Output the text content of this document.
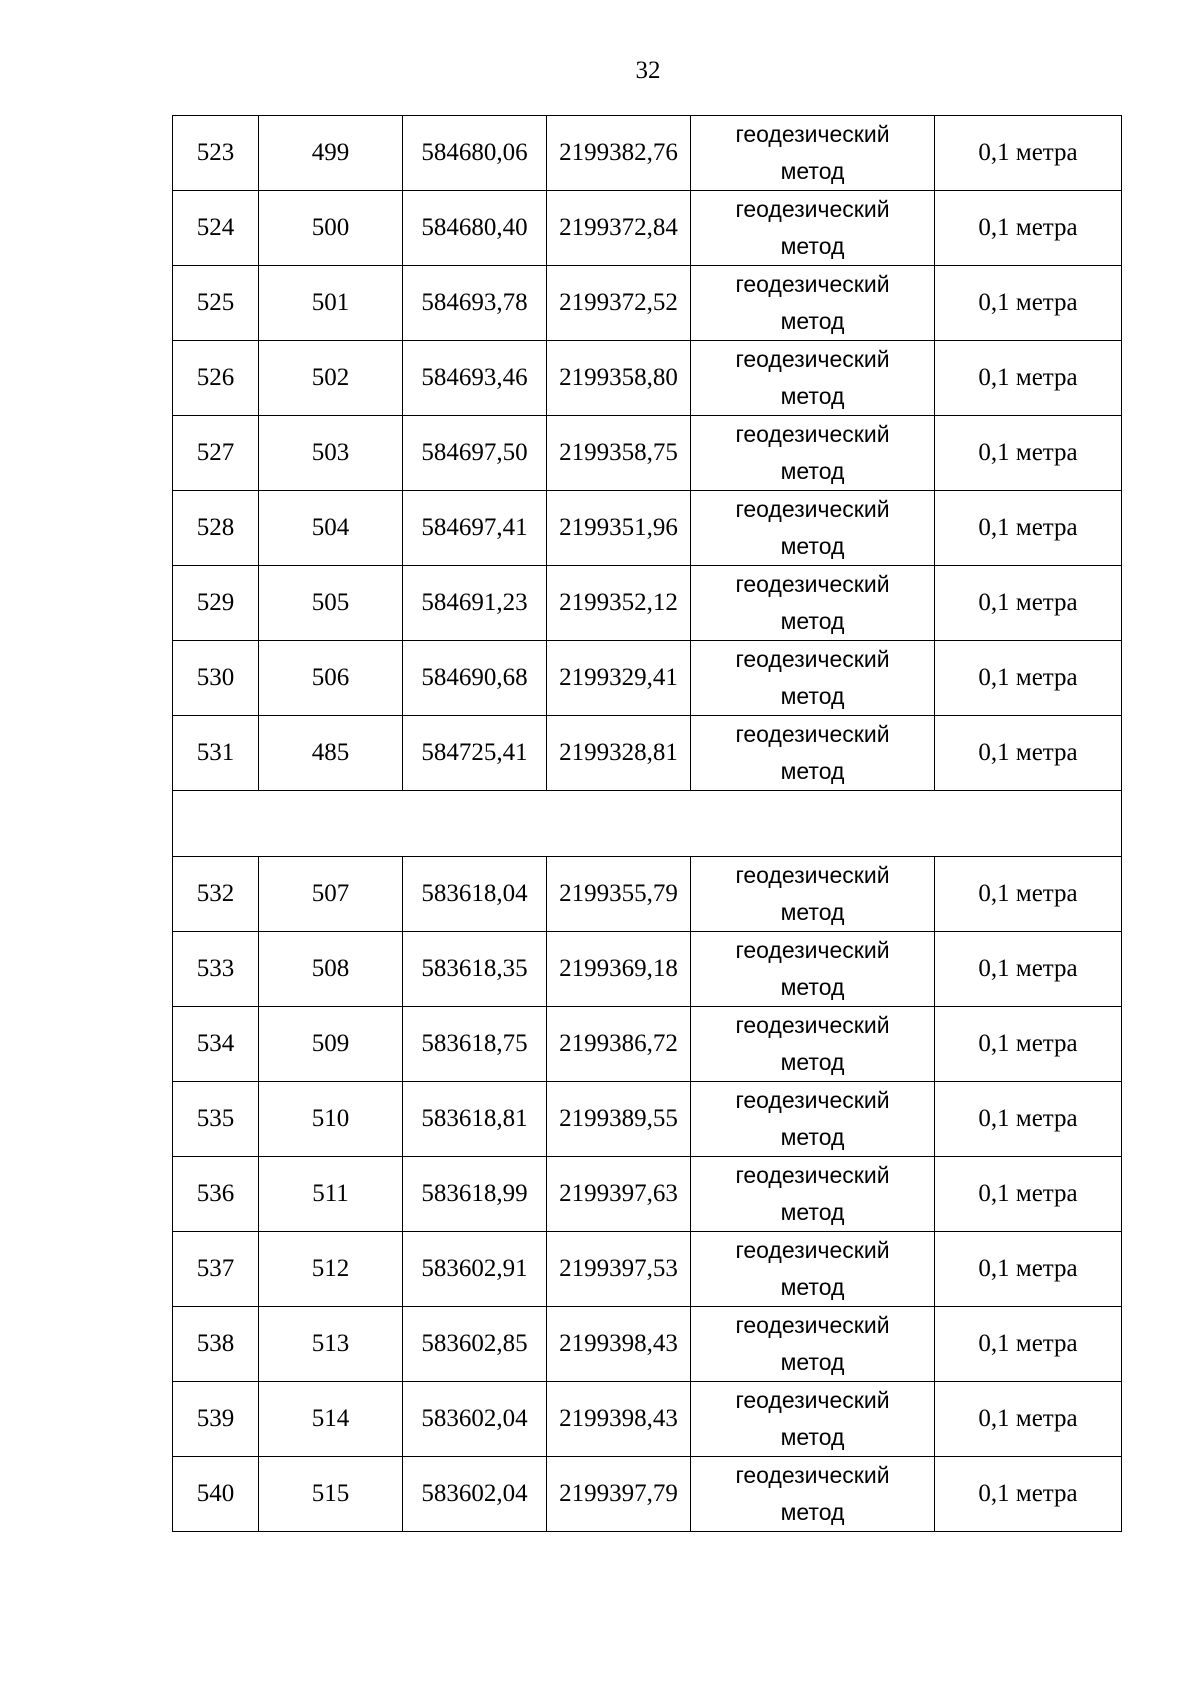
32
523	499	584680,06	2199382,76	геодезический
метод	0,1 метра
524	500	584680,40	2199372,84	геодезический
метод	0,1 метра
525	501	584693,78	2199372,52	геодезический
метод	0,1 метра
526	502	584693,46	2199358,80	геодезический
метод	0,1 метра
527	503	584697,50	2199358,75	геодезический
метод	0,1 метра
528	504	584697,41	2199351,96	геодезический
метод	0,1 метра
529	505	584691,23	2199352,12	геодезический
метод	0,1 метра
530	506	584690,68	2199329,41	геодезический
метод	0,1 метра
531	485	584725,41	2199328,81	геодезический
метод	0,1 метра

532	507	583618,04	2199355,79	геодезический
метод	0,1 метра
533	508	583618,35	2199369,18	геодезический
метод	0,1 метра
534	509	583618,75	2199386,72	геодезический
метод	0,1 метра
535	510	583618,81	2199389,55	геодезический
метод	0,1 метра
536	511	583618,99	2199397,63	геодезический
метод	0,1 метра
537	512	583602,91	2199397,53	геодезический
метод	0,1 метра
538	513	583602,85	2199398,43	геодезический
метод	0,1 метра
539	514	583602,04	2199398,43	геодезический
метод	0,1 метра
540	515	583602,04	2199397,79	геодезический
метод	0,1 метра
